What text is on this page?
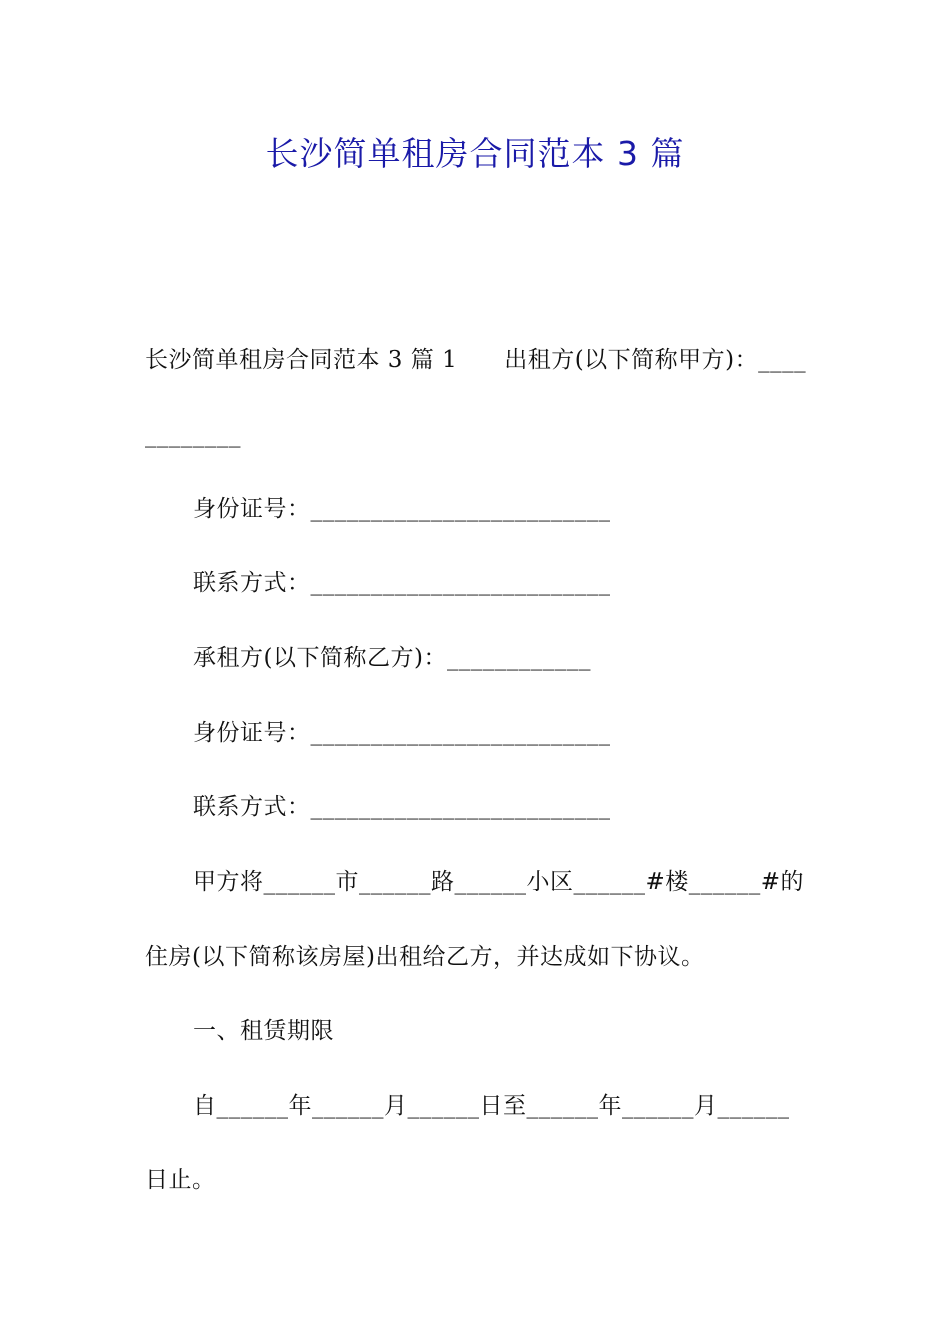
长沙简单租房合同范本 3 篇
长沙简单租房合同范本 3 篇 1　　出租方(以下简称甲方)：____
________
身份证号：_________________________
联系方式：_________________________
承租方(以下简称乙方)：____________
身份证号：_________________________
联系方式：_________________________
甲方将______市______路______小区______#楼______#的
住房(以下简称该房屋)出租给乙方，并达成如下协议。
一、租赁期限
自______年______月______日至______年______月______
日止。
